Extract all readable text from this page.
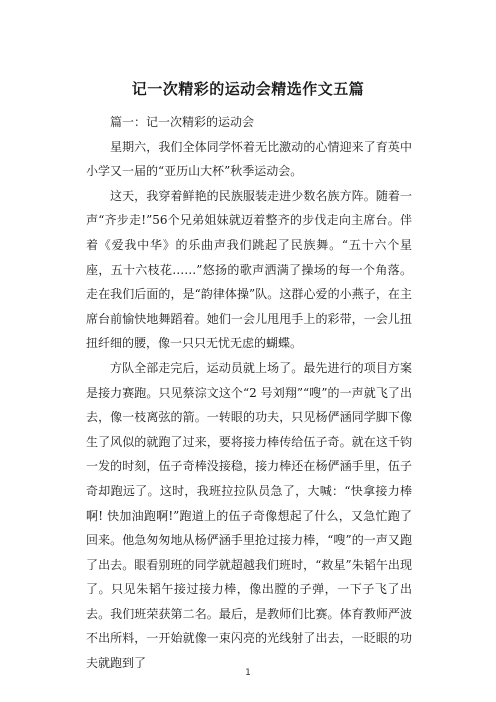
记一次精彩的运动会精选作文五篇

篇一：记一次精彩的运动会

星期六，我们全体同学怀着无比激动的心情迎来了育英中小学又一届的“亚历山大杯”秋季运动会。

这天，我穿着鲜艳的民族服装走进少数名族方阵。随着一声“齐步走!”56个兄弟姐妹就迈着整齐的步伐走向主席台。伴着《爱我中华》的乐曲声我们跳起了民族舞。“五十六个星座，五十六枝花……”悠扬的歌声洒满了操场的每一个角落。走在我们后面的，是“韵律体操”队。这群心爱的小燕子，在主席台前愉快地舞蹈着。她们一会儿甩甩手上的彩带，一会儿扭扭纤细的腰，像一只只无忧无虑的蝴蝶。

方队全部走完后，运动员就上场了。最先进行的项目方案是接力赛跑。只见蔡淙文这个“2 号刘翔”“嗖”的一声就飞了出去，像一枝离弦的箭。一转眼的功夫，只见杨俨涵同学脚下像生了风似的就跑了过来，要将接力棒传给伍子奇。就在这千钧一发的时刻，伍子奇棒没接稳，接力棒还在杨俨涵手里，伍子奇却跑远了。这时，我班拉拉队员急了，大喊：“快拿接力棒啊! 快加油跑啊!”跑道上的伍子奇像想起了什么，又急忙跑了回来。他急匆匆地从杨俨涵手里抢过接力棒，“嗖”的一声又跑了出去。眼看别班的同学就超越我们班时，“救星”朱韬午出现了。只见朱韬午接过接力棒，像出膛的子弹，一下子飞了出去。我们班荣获第二名。最后，是教师们比赛。体育教师严波不出所料，一开始就像一束闪亮的光线射了出去，一眨眼的功夫就跑到了

1
